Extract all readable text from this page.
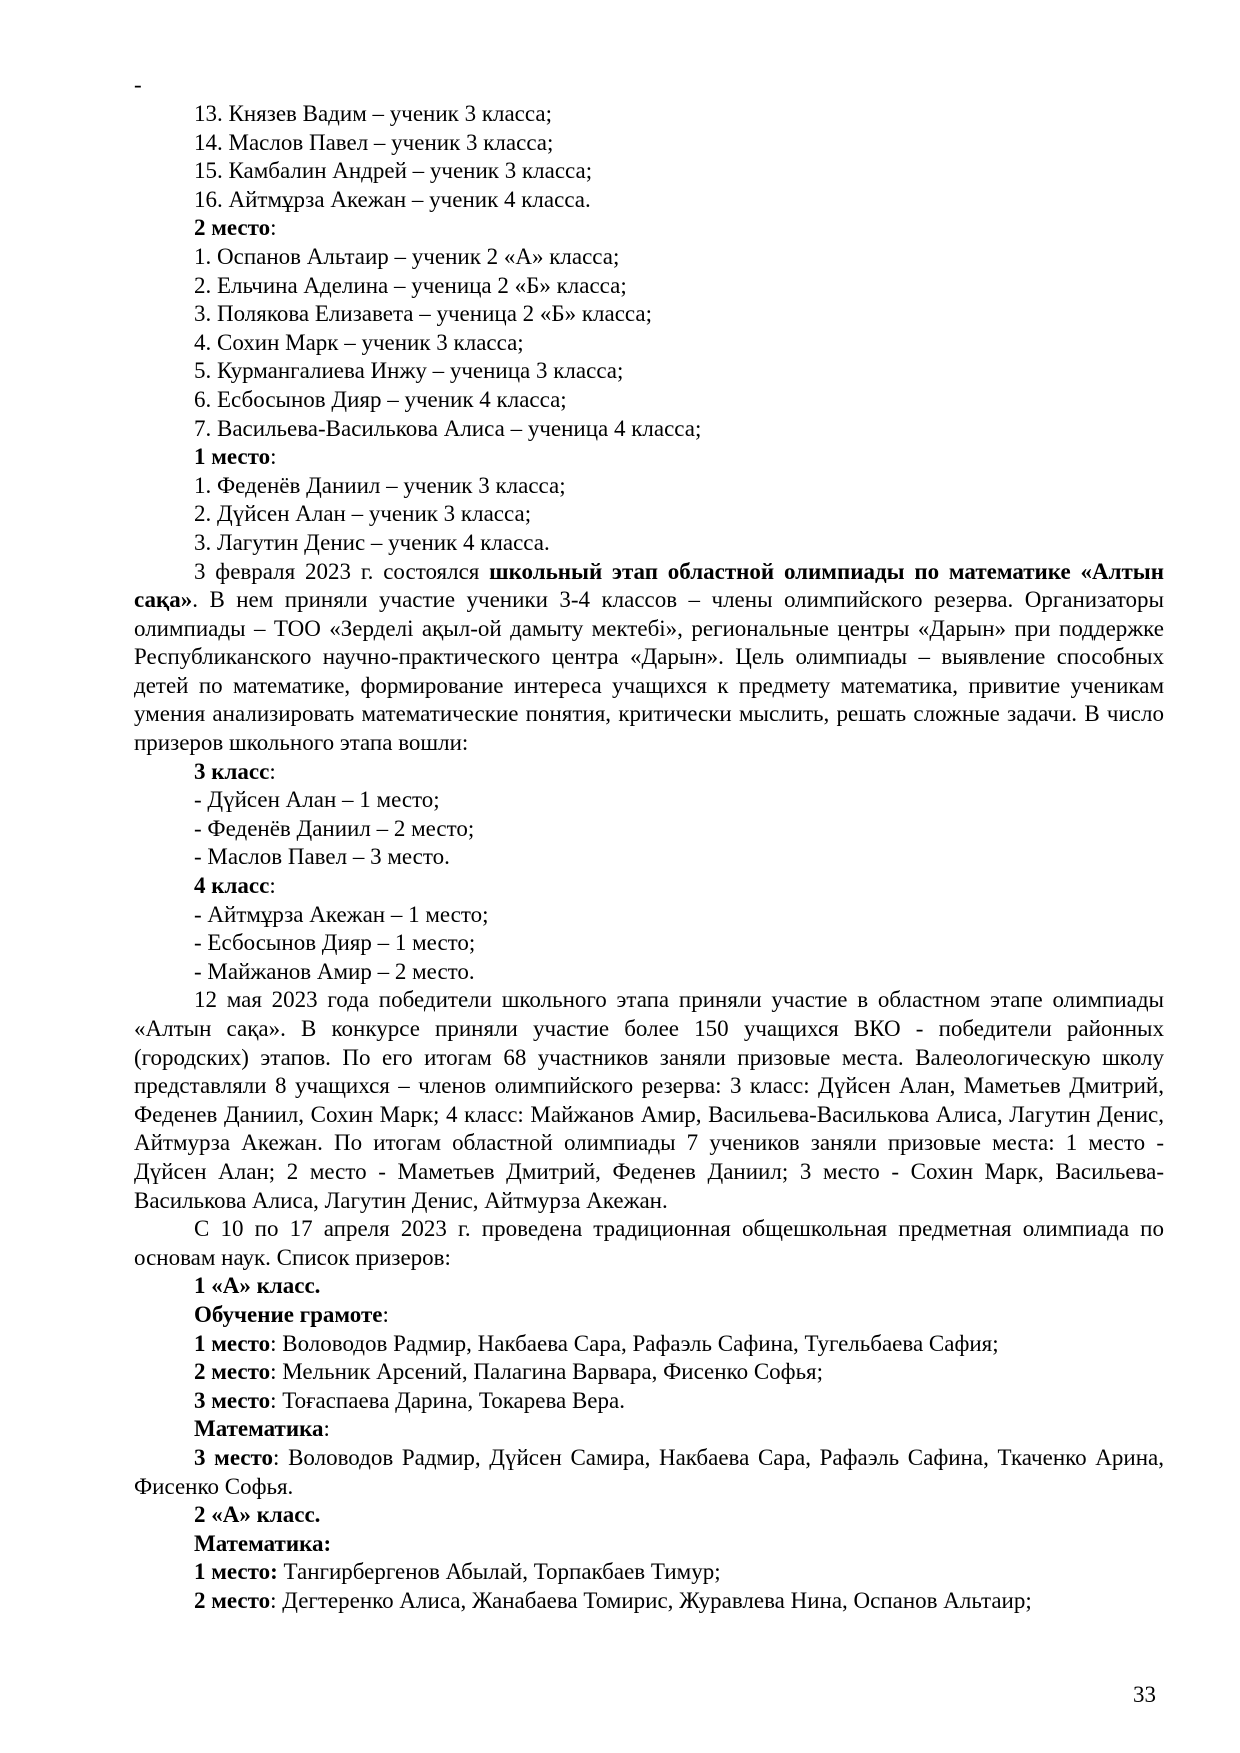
-

13. Князев Вадим – ученик 3 класса;

14. Маслов Павел – ученик 3 класса;

15. Камбалин Андрей – ученик 3 класса;

16. Айтмұрза Акежан – ученик 4 класса.

2 место:

1. Оспанов Альтаир – ученик 2 «А» класса;

2. Ельчина Аделина – ученица 2 «Б» класса;

3. Полякова Елизавета – ученица 2 «Б» класса;

4. Сохин Марк – ученик 3 класса;

5. Курмангалиева Инжу – ученица 3 класса;

6. Есбосынов Дияр – ученик 4 класса;

7. Васильева-Василькова Алиса – ученица 4 класса;

1 место:

1. Феденёв Даниил – ученик 3 класса;

2. Дүйсен Алан – ученик 3 класса;

3. Лагутин Денис – ученик 4 класса.

3 февраля 2023 г. состоялся школьный этап областной олимпиады по математике «Алтын сақа». В нем приняли участие ученики 3-4 классов – члены олимпийского резерва. Организаторы олимпиады – ТОО «Зерделі ақыл-ой дамыту мектебі», региональные центры «Дарын» при поддержке Республиканского научно-практического центра «Дарын». Цель олимпиады – выявление способных детей по математике, формирование интереса учащихся к предмету математика, привитие ученикам умения анализировать математические понятия, критически мыслить, решать сложные задачи. В число призеров школьного этапа вошли:

3 класс:

- Дүйсен Алан – 1 место;

- Феденёв Даниил – 2 место;

- Маслов Павел – 3 место.

4 класс:

- Айтмұрза Акежан – 1 место;

- Есбосынов Дияр – 1 место;

- Майжанов Амир – 2 место.

12 мая 2023 года победители школьного этапа приняли участие в областном этапе олимпиады «Алтын сақа». В конкурсе приняли участие более 150 учащихся ВКО - победители районных (городских) этапов. По его итогам 68 участников заняли призовые места. Валеологическую школу представляли 8 учащихся – членов олимпийского резерва: 3 класс: Дүйсен Алан, Маметьев Дмитрий, Феденев Даниил, Сохин Марк; 4 класс: Майжанов Амир, Васильева-Василькова Алиса, Лагутин Денис, Айтмурза Акежан. По итогам областной олимпиады 7 учеников заняли призовые места: 1 место - Дүйсен Алан; 2 место - Маметьев Дмитрий, Феденев Даниил; 3 место - Сохин Марк, Васильева-Василькова Алиса, Лагутин Денис, Айтмурза Акежан.

С 10 по 17 апреля 2023 г. проведена традиционная общешкольная предметная олимпиада по основам наук. Список призеров:

1 «А» класс.

Обучение грамоте:

1 место: Воловодов Радмир, Накбаева Сара, Рафаэль Сафина, Тугельбаева Сафия;

2 место: Мельник Арсений, Палагина Варвара, Фисенко Софья;

3 место: Тоғаспаева Дарина, Токарева Вера.

Математика:

3 место: Воловодов Радмир, Дүйсен Самира, Накбаева Сара, Рафаэль Сафина, Ткаченко Арина, Фисенко Софья.

2 «А» класс.

Математика:

1 место: Тангирбергенов Абылай, Торпакбаев Тимур;

2 место: Дегтеренко Алиса, Жанабаева Томирис, Журавлева Нина, Оспанов Альтаир;

33
